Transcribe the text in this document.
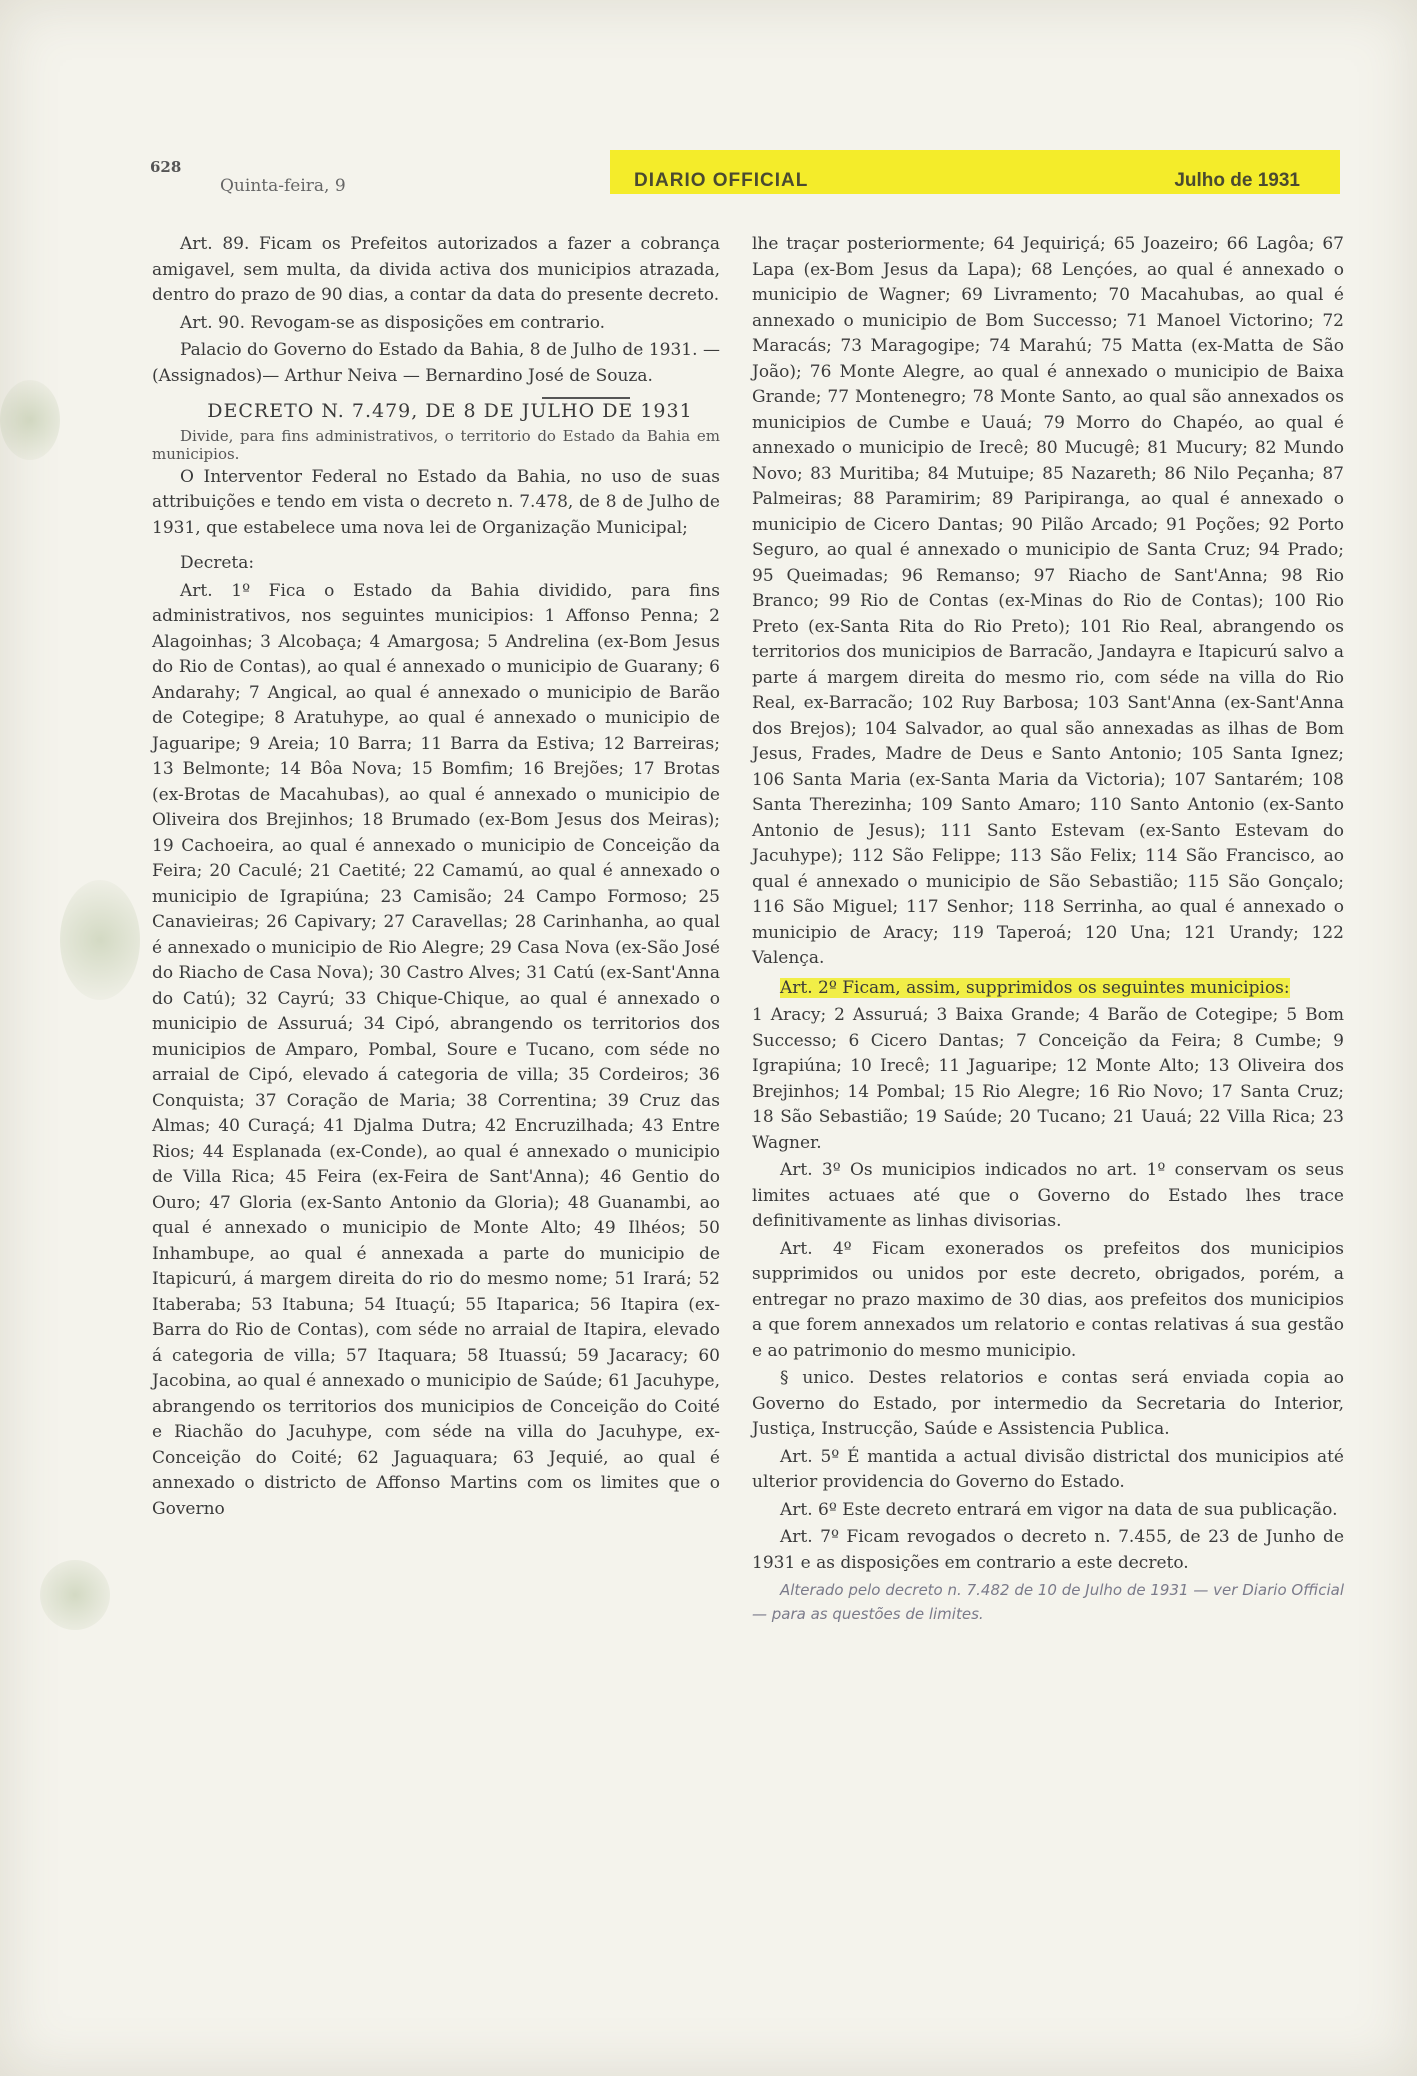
628
Quinta-feira, 9	DIARIO OFFICIAL	Julho de 1931

Art. 89. Ficam os Prefeitos autorizados a fazer a cobrança amigavel, sem multa, da divida activa dos municipios atrazada, dentro do prazo de 90 dias, a contar da data do presente decreto.

Art. 90. Revogam-se as disposições em contrario.

Palacio do Governo do Estado da Bahia, 8 de Julho de 1931. —(Assignados)— Arthur Neiva — Bernardino José de Souza.

DECRETO N. 7.479, DE 8 DE JULHO DE 1931

Divide, para fins administrativos, o territorio do Estado da Bahia em municipios.

O Interventor Federal no Estado da Bahia, no uso de suas attribuições e tendo em vista o decreto n. 7.478, de 8 de Julho de 1931, que estabelece uma nova lei de Organização Municipal;

Decreta:

Art. 1º Fica o Estado da Bahia dividido, para fins administrativos, nos seguintes municipios: 1 Affonso Penna; 2 Alagoinhas; 3 Alcobaça; 4 Amargosa; 5 Andrelina (ex-Bom Jesus do Rio de Contas), ao qual é annexado o municipio de Guarany; 6 Andarahy; 7 Angical, ao qual é annexado o municipio de Barão de Cotegipe; 8 Aratuhype, ao qual é annexado o municipio de Jaguaripe; 9 Areia; 10 Barra; 11 Barra da Estiva; 12 Barreiras; 13 Belmonte; 14 Bôa Nova; 15 Bomfim; 16 Brejões; 17 Brotas (ex-Brotas de Macahubas), ao qual é annexado o municipio de Oliveira dos Brejinhos; 18 Brumado (ex-Bom Jesus dos Meiras); 19 Cachoeira, ao qual é annexado o municipio de Conceição da Feira; 20 Caculé; 21 Caetité; 22 Camamú, ao qual é annexado o municipio de Igrapiúna; 23 Camisão; 24 Campo Formoso; 25 Canavieiras; 26 Capivary; 27 Caravellas; 28 Carinhanha, ao qual é annexado o municipio de Rio Alegre; 29 Casa Nova (ex-São José do Riacho de Casa Nova); 30 Castro Alves; 31 Catú (ex-Sant'Anna do Catú); 32 Cayrú; 33 Chique-Chique, ao qual é annexado o municipio de Assuruá; 34 Cipó, abrangendo os territorios dos municipios de Amparo, Pombal, Soure e Tucano, com séde no arraial de Cipó, elevado á categoria de villa; 35 Cordeiros; 36 Conquista; 37 Coração de Maria; 38 Correntina; 39 Cruz das Almas; 40 Curaçá; 41 Djalma Dutra; 42 Encruzilhada; 43 Entre Rios; 44 Esplanada (ex-Conde), ao qual é annexado o municipio de Villa Rica; 45 Feira (ex-Feira de Sant'Anna); 46 Gentio do Ouro; 47 Gloria (ex-Santo Antonio da Gloria); 48 Guanambi, ao qual é annexado o municipio de Monte Alto; 49 Ilhéos; 50 Inhambupe, ao qual é annexada a parte do municipio de Itapicurú, á margem direita do rio do mesmo nome; 51 Irará; 52 Itaberaba; 53 Itabuna; 54 Ituaçú; 55 Itaparica; 56 Itapira (ex-Barra do Rio de Contas), com séde no arraial de Itapira, elevado á categoria de villa; 57 Itaquara; 58 Ituassú; 59 Jacaracy; 60 Jacobina, ao qual é annexado o municipio de Saúde; 61 Jacuhype, abrangendo os territorios dos municipios de Conceição do Coité e Riachão do Jacuhype, com séde na villa do Jacuhype, ex-Conceição do Coité; 62 Jaguaquara; 63 Jequié, ao qual é annexado o districto de Affonso Martins com os limites que o Governo

lhe traçar posteriormente; 64 Jequiriçá; 65 Joazeiro; 66 Lagôa; 67 Lapa (ex-Bom Jesus da Lapa); 68 Lençóes, ao qual é annexado o municipio de Wagner; 69 Livramento; 70 Macahubas, ao qual é annexado o municipio de Bom Successo; 71 Manoel Victorino; 72 Maracás; 73 Maragogipe; 74 Marahú; 75 Matta (ex-Matta de São João); 76 Monte Alegre, ao qual é annexado o municipio de Baixa Grande; 77 Montenegro; 78 Monte Santo, ao qual são annexados os municipios de Cumbe e Uauá; 79 Morro do Chapéo, ao qual é annexado o municipio de Irecê; 80 Mucugê; 81 Mucury; 82 Mundo Novo; 83 Muritiba; 84 Mutuipe; 85 Nazareth; 86 Nilo Peçanha; 87 Palmeiras; 88 Paramirim; 89 Paripiranga, ao qual é annexado o municipio de Cicero Dantas; 90 Pilão Arcado; 91 Poções; 92 Porto Seguro, ao qual é annexado o municipio de Santa Cruz; 94 Prado; 95 Queimadas; 96 Remanso; 97 Riacho de Sant'Anna; 98 Rio Branco; 99 Rio de Contas (ex-Minas do Rio de Contas); 100 Rio Preto (ex-Santa Rita do Rio Preto); 101 Rio Real, abrangendo os territorios dos municipios de Barracão, Jandayra e Itapicurú salvo a parte á margem direita do mesmo rio, com séde na villa do Rio Real, ex-Barracão; 102 Ruy Barbosa; 103 Sant'Anna (ex-Sant'Anna dos Brejos); 104 Salvador, ao qual são annexadas as ilhas de Bom Jesus, Frades, Madre de Deus e Santo Antonio; 105 Santa Ignez; 106 Santa Maria (ex-Santa Maria da Victoria); 107 Santarém; 108 Santa Therezinha; 109 Santo Amaro; 110 Santo Antonio (ex-Santo Antonio de Jesus); 111 Santo Estevam (ex-Santo Estevam do Jacuhype); 112 São Felippe; 113 São Felix; 114 São Francisco, ao qual é annexado o municipio de São Sebastião; 115 São Gonçalo; 116 São Miguel; 117 Senhor; 118 Serrinha, ao qual é annexado o municipio de Aracy; 119 Taperoá; 120 Una; 121 Urandy; 122 Valença.

Art. 2º Ficam, assim, supprimidos os seguintes municipios:

1 Aracy; 2 Assuruá; 3 Baixa Grande; 4 Barão de Cotegipe; 5 Bom Successo; 6 Cicero Dantas; 7 Conceição da Feira; 8 Cumbe; 9 Igrapiúna; 10 Irecê; 11 Jaguaripe; 12 Monte Alto; 13 Oliveira dos Brejinhos; 14 Pombal; 15 Rio Alegre; 16 Rio Novo; 17 Santa Cruz; 18 São Sebastião; 19 Saúde; 20 Tucano; 21 Uauá; 22 Villa Rica; 23 Wagner.

Art. 3º Os municipios indicados no art. 1º conservam os seus limites actuaes até que o Governo do Estado lhes trace definitivamente as linhas divisorias.

Art. 4º Ficam exonerados os prefeitos dos municipios supprimidos ou unidos por este decreto, obrigados, porém, a entregar no prazo maximo de 30 dias, aos prefeitos dos municipios a que forem annexados um relatorio e contas relativas á sua gestão e ao patrimonio do mesmo municipio.

§ unico. Destes relatorios e contas será enviada copia ao Governo do Estado, por intermedio da Secretaria do Interior, Justiça, Instrucção, Saúde e Assistencia Publica.

Art. 5º É mantida a actual divisão districtal dos municipios até ulterior providencia do Governo do Estado.

Art. 6º Este decreto entrará em vigor na data de sua publicação.

Art. 7º Ficam revogados o decreto n. 7.455, de 23 de Junho de 1931 e as disposições em contrario a este decreto.

Alterado pelo decreto n. 7.482 de 10 de Julho de 1931 — ver Diario Official — para as questões de limites.
